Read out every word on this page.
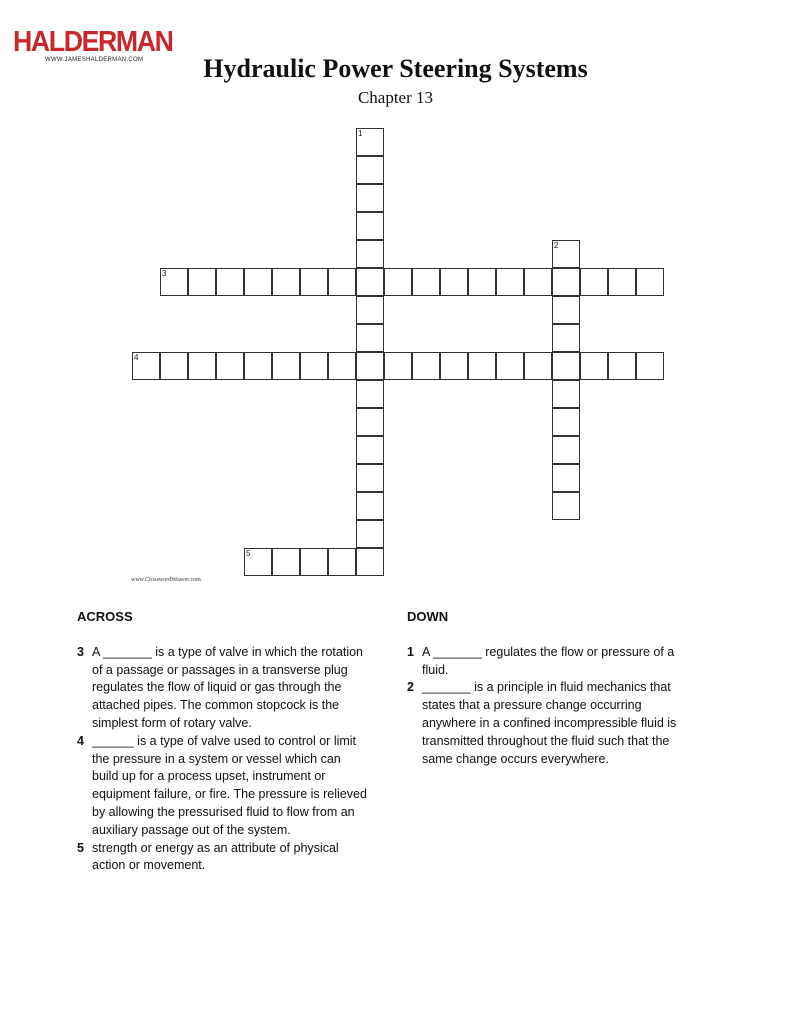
HALDERMAN
WWW.JAMESHALDERMAN.COM	Hydraulic Power Steering Systems
Chapter 13
1
2
3
4
5
www.CrosswordWeaver.com
ACROSS
3 A _______ is a type of valve in which the rotation of a passage or passages in a transverse plug regulates the flow of liquid or gas through the attached pipes. The common stopcock is the simplest form of rotary valve.
4 ______ is a type of valve used to control or limit the pressure in a system or vessel which can build up for a process upset, instrument or equipment failure, or fire. The pressure is relieved by allowing the pressurised fluid to flow from an auxiliary passage out of the system.
5 strength or energy as an attribute of physical action or movement.
DOWN
1 A _______ regulates the flow or pressure of a fluid.
2 _______ is a principle in fluid mechanics that states that a pressure change occurring anywhere in a confined incompressible fluid is transmitted throughout the fluid such that the same change occurs everywhere.
